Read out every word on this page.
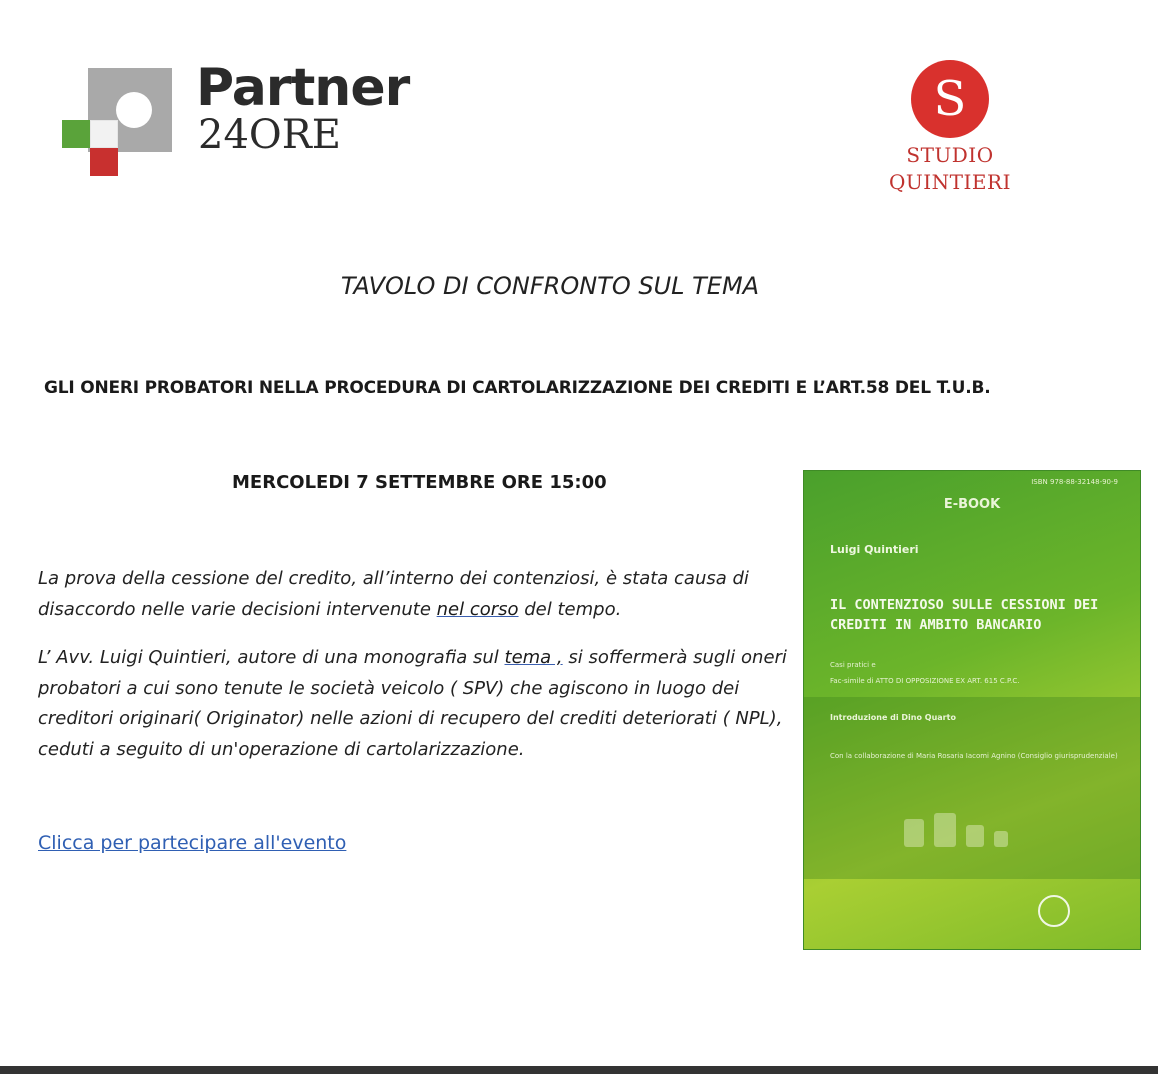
Partner
24ORE
S
STUDIO
QUINTIERI
TAVOLO DI CONFRONTO SUL TEMA
GLI ONERI PROBATORI NELLA PROCEDURA DI CARTOLARIZZAZIONE DEI CREDITI E L’ART.58 DEL T.U.B.
MERCOLEDI 7 SETTEMBRE ORE 15:00
La prova della cessione del credito, all’interno dei contenziosi, è stata causa di disaccordo nelle varie decisioni intervenute nel corso del tempo.
L’ Avv. Luigi Quintieri, autore di una monografia sul tema , si soffermerà sugli oneri probatori a cui sono tenute le società veicolo ( SPV) che agiscono in luogo dei creditori originari( Originator) nelle azioni di recupero del crediti deteriorati ( NPL), ceduti a seguito di un'operazione di cartolarizzazione.
Clicca per partecipare all'evento
ISBN 978-88-32148-90-9
E-BOOK
Luigi Quintieri
IL CONTENZIOSO SULLE CESSIONI DEI CREDITI IN AMBITO BANCARIO
Casi pratici e
Fac-simile di ATTO DI OPPOSIZIONE EX ART. 615 C.P.C.
Introduzione di Dino Quarto
Con la collaborazione di Maria Rosaria Iacomi Agnino (Consiglio giurisprudenziale)
